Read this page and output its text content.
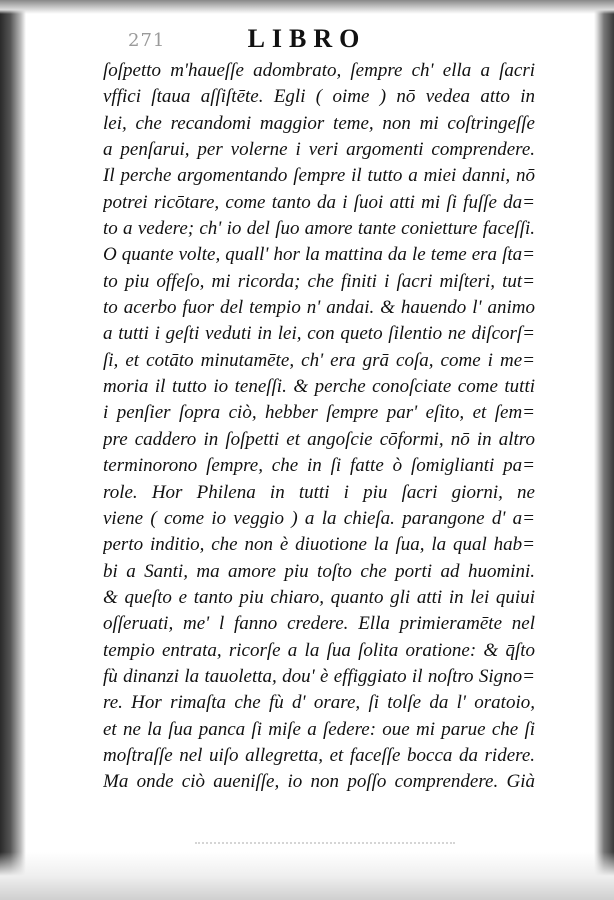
271	LIBRO
ſoſpetto m'haueſſe adombrato, ſempre ch' ella a ſacri
vffici ſtaua aſſiſtēte. Egli ( oime ) nō vedea atto in
lei, che recandomi maggior teme, non mi coſtringeſſe
a penſarui, per volerne i veri argomenti comprendere.
Il perche argomentando ſempre il tutto a miei danni, nō
potrei ricōtare, come tanto da i ſuoi atti mi ſi fuſſe da=
to a vedere; ch' io del ſuo amore tante conietture faceſſi.
O quante volte, quall' hor la mattina da le teme era ſta=
to piu offeſo, mi ricorda; che finiti i ſacri miſteri, tut=
to acerbo fuor del tempio n' andai. & hauendo l' animo
a tutti i geſti veduti in lei, con queto ſilentio ne diſcorſ=
ſi, et cotāto minutamēte, ch' era grā coſa, come i me=
moria il tutto io teneſſi. & perche conoſciate come tutti
i penſier ſopra ciò, hebber ſempre par' eſito, et ſem=
pre caddero in ſoſpetti et angoſcie cōformi, nō in altro
terminorono ſempre, che in ſi fatte ò ſomiglianti pa=
role. Hor Philena in tutti i piu ſacri giorni, ne
viene ( come io veggio ) a la chieſa. parangone d' a=
perto inditio, che non è diuotione la ſua, la qual hab=
bi a Santi, ma amore piu toſto che porti ad huomini.
& queſto e tanto piu chiaro, quanto gli atti in lei quiui
oſſeruati, me' l fanno credere. Ella primieramēte nel
tempio entrata, ricorſe a la ſua ſolita oratione: & q̄ſto
fù dinanzi la tauoletta, dou' è effiggiato il noſtro Signo=
re. Hor rimaſta che fù d' orare, ſi tolſe da l' oratoio,
et ne la ſua panca ſi miſe a ſedere: oue mi parue che ſi
moſtraſſe nel uiſo allegretta, et faceſſe bocca da ridere.
Ma onde ciò aueniſſe, io non poſſo comprendere. Già
